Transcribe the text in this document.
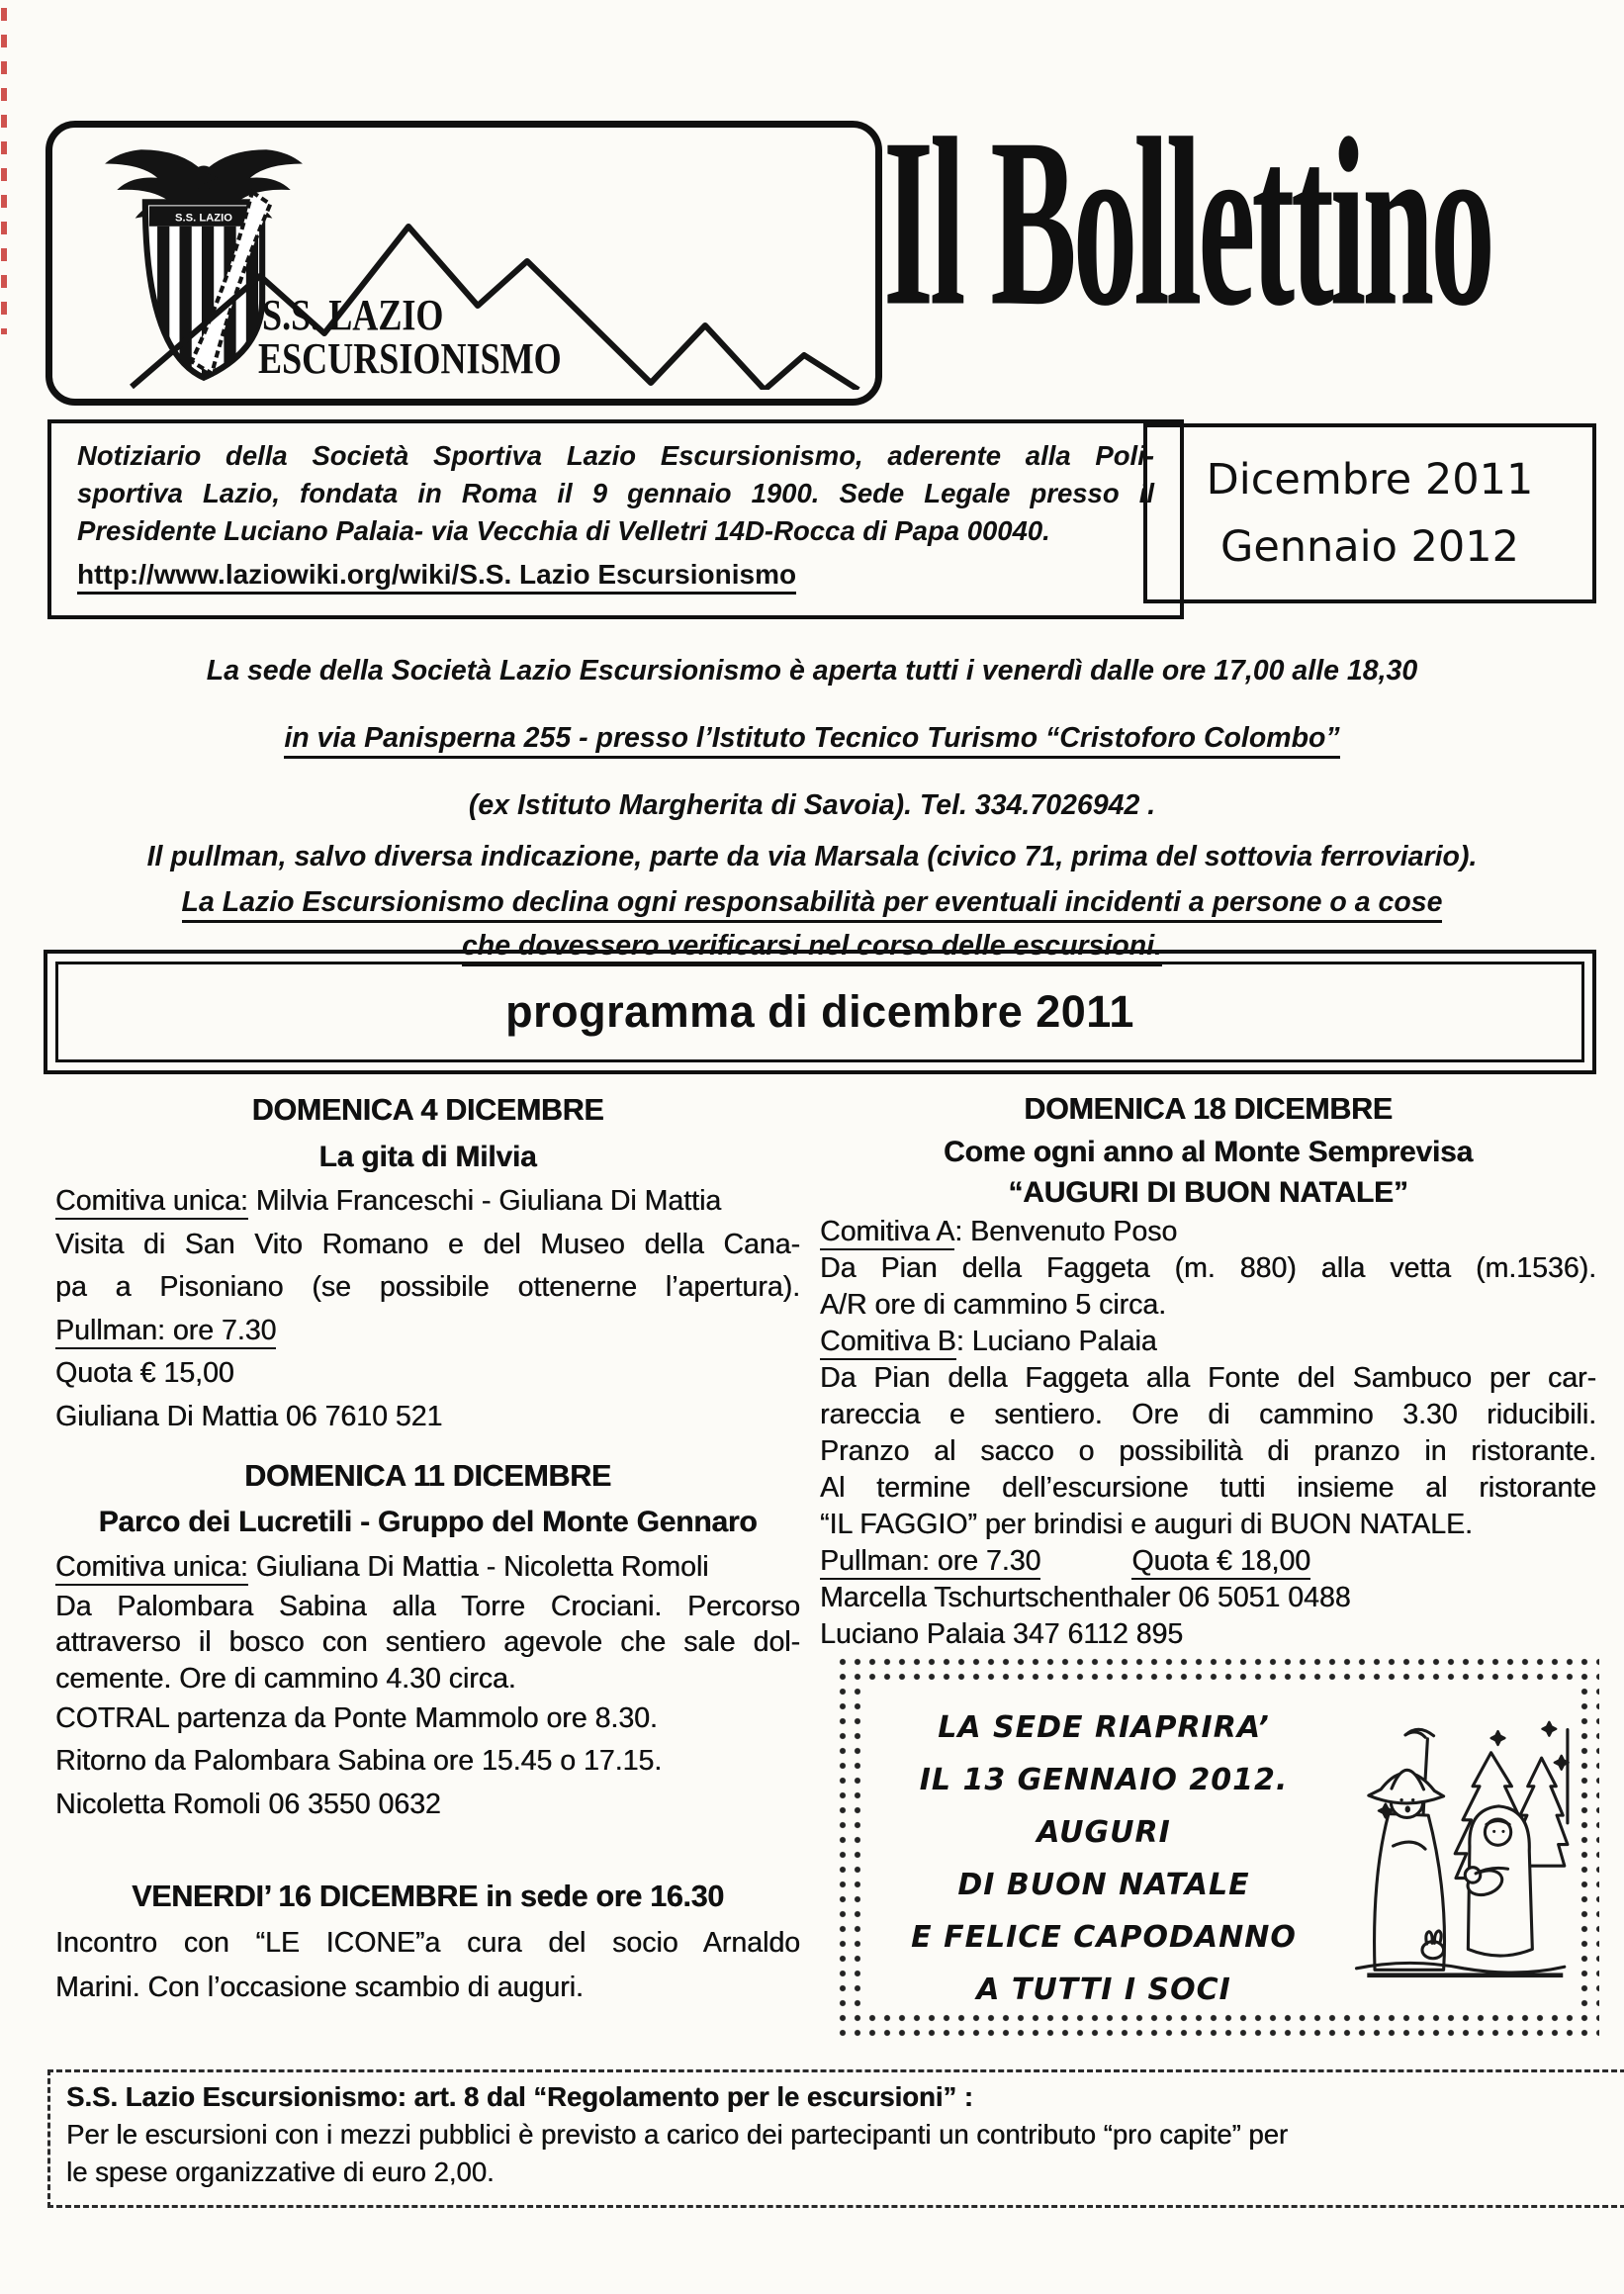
S.S. LAZIO
S.S. LAZIO
ESCURSIONISMO
Il Bollettino
Notiziario della Società Sportiva Lazio Escursionismo, aderente alla Poli-
sportiva Lazio, fondata in Roma il 9 gennaio 1900. Sede Legale presso il
Presidente Luciano Palaia- via Vecchia di Velletri 14D-Rocca di Papa 00040.
http://www.laziowiki.org/wiki/S.S. Lazio Escursionismo
Dicembre 2011
Gennaio 2012
La sede della Società Lazio Escursionismo è aperta tutti i venerdì dalle ore 17,00 alle 18,30
in via Panisperna 255 - presso l’Istituto Tecnico Turismo “Cristoforo Colombo”
(ex Istituto Margherita di Savoia). Tel. 334.7026942 .
Il pullman, salvo diversa indicazione, parte da via Marsala (civico 71, prima del sottovia ferroviario).
La Lazio Escursionismo declina ogni responsabilità per eventuali incidenti a persone o a cose
che dovessero verificarsi nel corso delle escursioni.
programma di dicembre 2011
DOMENICA 4 DICEMBRE
La gita di Milvia
Comitiva unica: Milvia Franceschi - Giuliana Di Mattia
Visita di San Vito Romano e del Museo della Cana-
pa a Pisoniano (se possibile ottenerne l’apertura).
Pullman: ore 7.30
Quota € 15,00
Giuliana Di Mattia 06 7610 521
DOMENICA 11 DICEMBRE
Parco dei Lucretili - Gruppo del Monte Gennaro
Comitiva unica: Giuliana Di Mattia - Nicoletta Romoli
Da Palombara Sabina alla Torre Crociani. Percorso
attraverso il bosco con sentiero agevole che sale dol-
cemente. Ore di cammino 4.30 circa.
COTRAL partenza da Ponte Mammolo ore 8.30.
Ritorno da Palombara Sabina ore 15.45 o 17.15.
Nicoletta Romoli 06 3550 0632
VENERDI’ 16 DICEMBRE in sede ore 16.30
Incontro con “LE ICONE”a cura del socio Arnaldo
Marini. Con l’occasione scambio di auguri.
DOMENICA 18 DICEMBRE
Come ogni anno al Monte Semprevisa
“AUGURI DI BUON NATALE”
Comitiva A: Benvenuto Poso
Da Pian della Faggeta (m. 880) alla vetta (m.1536).
A/R ore di cammino 5 circa.
Comitiva B: Luciano Palaia
Da Pian della Faggeta alla Fonte del Sambuco per car-
rareccia e sentiero. Ore di cammino 3.30 riducibili.
Pranzo al sacco o possibilità di pranzo in ristorante.
Al termine dell’escursione tutti insieme al ristorante
“IL FAGGIO” per brindisi e auguri di BUON NATALE.
Pullman: ore 7.30	Quota € 18,00
Marcella Tschurtschenthaler 06 5051 0488
Luciano Palaia 347 6112 895
LA SEDE RIAPRIRA’
IL 13 GENNAIO 2012.
AUGURI
DI BUON NATALE
E FELICE CAPODANNO
A TUTTI I SOCI
S.S. Lazio Escursionismo: art. 8 dal “Regolamento per le escursioni” :
Per le escursioni con i mezzi pubblici è previsto a carico dei partecipanti un contributo “pro capite” per
le spese organizzative di euro 2,00.
